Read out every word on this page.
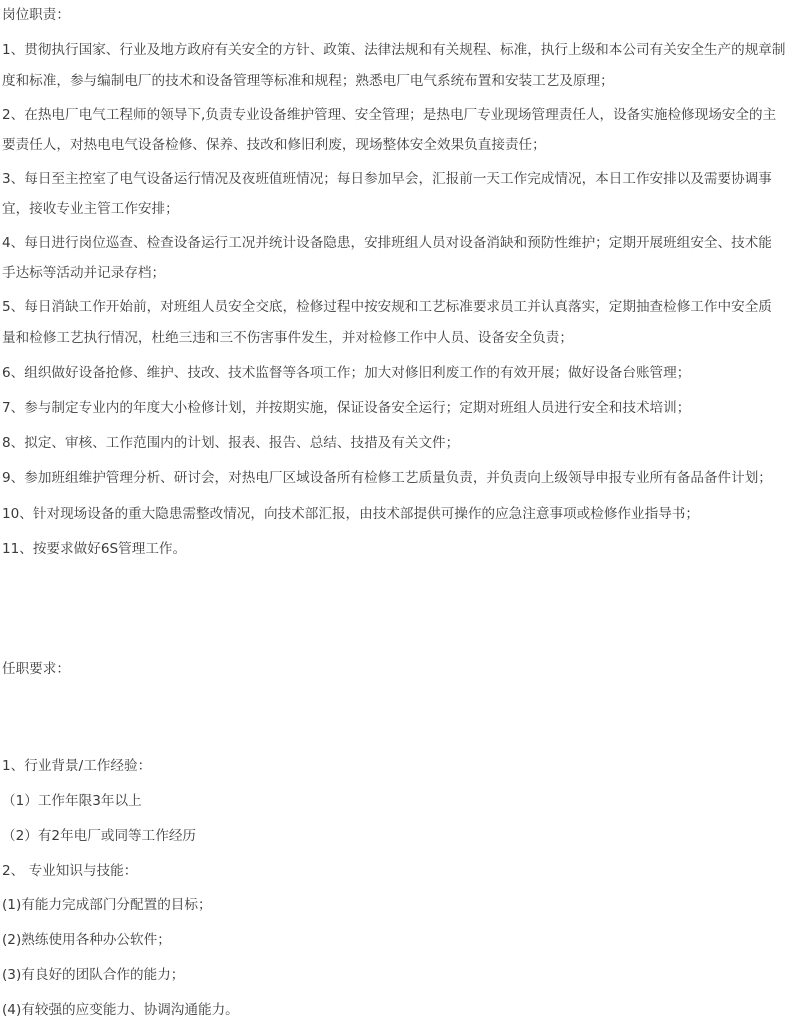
岗位职责：
1、贯彻执行国家、行业及地方政府有关安全的方针、政策、法律法规和有关规程、标准，执行上级和本公司有关安全生产的规章制
度和标准，参与编制电厂的技术和设备管理等标准和规程；熟悉电厂电气系统布置和安装工艺及原理；
2、在热电厂电气工程师的领导下,负责专业设备维护管理、安全管理；是热电厂专业现场管理责任人，设备实施检修现场安全的主
要责任人，对热电电气设备检修、保养、技改和修旧利废，现场整体安全效果负直接责任；
3、每日至主控室了电气设备运行情况及夜班值班情况；每日参加早会，汇报前一天工作完成情况，本日工作安排以及需要协调事
宜，接收专业主管工作安排；
4、每日进行岗位巡查、检查设备运行工况并统计设备隐患，安排班组人员对设备消缺和预防性维护；定期开展班组安全、技术能
手达标等活动并记录存档；
5、每日消缺工作开始前，对班组人员安全交底，检修过程中按安规和工艺标准要求员工并认真落实，定期抽查检修工作中安全质
量和检修工艺执行情况，杜绝三违和三不伤害事件发生，并对检修工作中人员、设备安全负责；
6、组织做好设备抢修、维护、技改、技术监督等各项工作；加大对修旧利废工作的有效开展；做好设备台账管理；
7、参与制定专业内的年度大小检修计划，并按期实施，保证设备安全运行；定期对班组人员进行安全和技术培训；
8、拟定、审核、工作范围内的计划、报表、报告、总结、技措及有关文件；
9、参加班组维护管理分析、研讨会，对热电厂区域设备所有检修工艺质量负责，并负责向上级领导申报专业所有备品备件计划；
10、针对现场设备的重大隐患需整改情况，向技术部汇报，由技术部提供可操作的应急注意事项或检修作业指导书；
11、按要求做好6S管理工作。
任职要求：
1、行业背景/工作经验：
（1）工作年限3年以上
（2）有2年电厂或同等工作经历
2、 专业知识与技能：
(1)有能力完成部门分配置的目标；
(2)熟练使用各种办公软件；
(3)有良好的团队合作的能力；
(4)有较强的应变能力、协调沟通能力。
